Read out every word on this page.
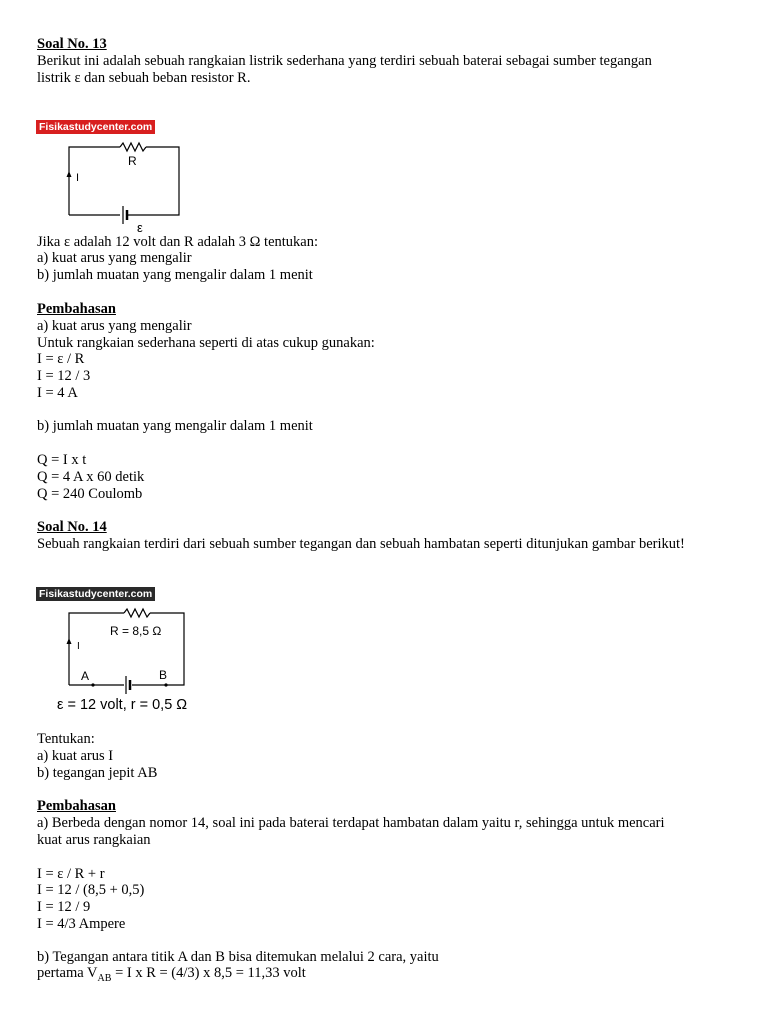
Soal No. 13
Berikut ini adalah sebuah rangkaian listrik sederhana yang terdiri sebuah baterai sebagai sumber tegangan
listrik ε dan sebuah beban resistor R.
Fisikastudycenter.com
R
I
ε
Jika ε adalah 12 volt dan R adalah 3 Ω tentukan:
a) kuat arus yang mengalir
b) jumlah muatan yang mengalir dalam 1 menit
Pembahasan
a) kuat arus yang mengalir
Untuk rangkaian sederhana seperti di atas cukup gunakan:
I = ε / R
I = 12 / 3
I = 4 A
b) jumlah muatan yang mengalir dalam 1 menit
Q = I x t
Q = 4 A x 60 detik
Q = 240 Coulomb
Soal No. 14
Sebuah rangkaian terdiri dari sebuah sumber tegangan dan sebuah hambatan seperti ditunjukan gambar berikut!
Fisikastudycenter.com
R = 8,5 Ω
I
A	B
ε = 12 volt, r = 0,5 Ω
Tentukan:
a) kuat arus I
b) tegangan jepit AB
Pembahasan
a) Berbeda dengan nomor 14, soal ini pada baterai terdapat hambatan dalam yaitu r, sehingga untuk mencari
kuat arus rangkaian
I = ε / R + r
I = 12 / (8,5 + 0,5)
I = 12 / 9
I = 4/3 Ampere
b) Tegangan antara titik A dan B bisa ditemukan melalui 2 cara, yaitu
pertama $V_{AB} = I$ x R = (4/3) x 8,5 = 11,33 volt
